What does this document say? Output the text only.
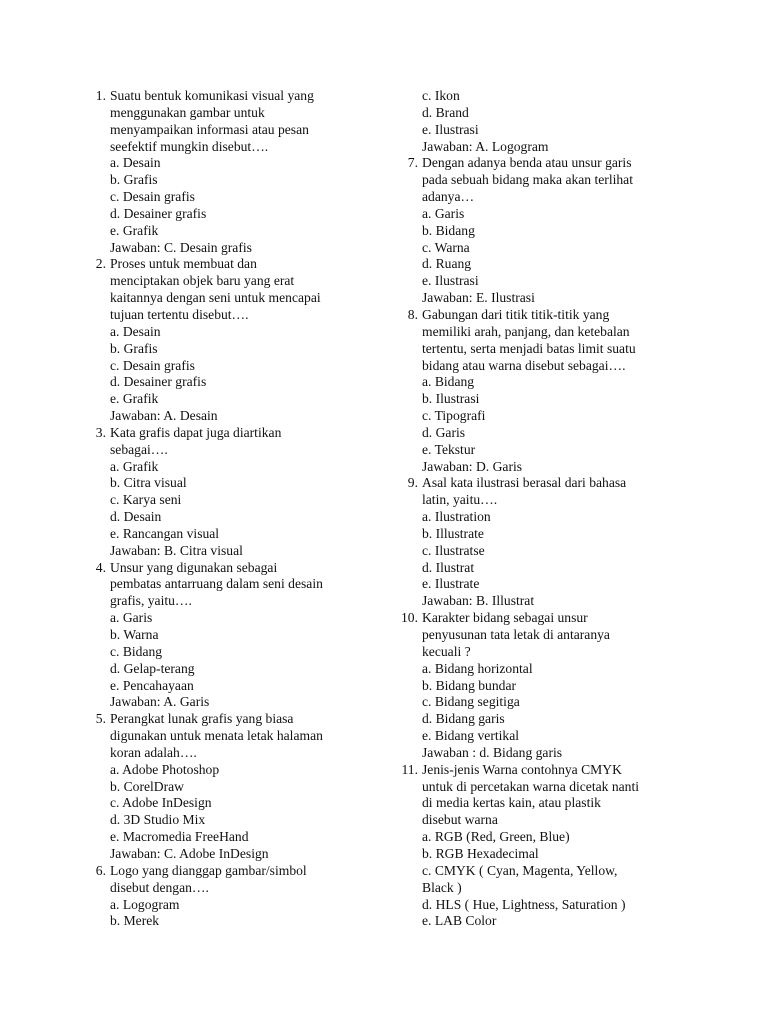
1. Suatu bentuk komunikasi visual yang
menggunakan gambar untuk
menyampaikan informasi atau pesan
seefektif mungkin disebut….
a. Desain
b. Grafis
c. Desain grafis
d. Desainer grafis
e. Grafik
Jawaban: C. Desain grafis
2. Proses untuk membuat dan
menciptakan objek baru yang erat
kaitannya dengan seni untuk mencapai
tujuan tertentu disebut….
a. Desain
b. Grafis
c. Desain grafis
d. Desainer grafis
e. Grafik
Jawaban: A. Desain
3. Kata grafis dapat juga diartikan
sebagai….
a. Grafik
b. Citra visual
c. Karya seni
d. Desain
e. Rancangan visual
Jawaban: B. Citra visual
4. Unsur yang digunakan sebagai
pembatas antarruang dalam seni desain
grafis, yaitu….
a. Garis
b. Warna
c. Bidang
d. Gelap-terang
e. Pencahayaan
Jawaban: A. Garis
5. Perangkat lunak grafis yang biasa
digunakan untuk menata letak halaman
koran adalah….
a. Adobe Photoshop
b. CorelDraw
c. Adobe InDesign
d. 3D Studio Mix
e. Macromedia FreeHand
Jawaban: C. Adobe InDesign
6. Logo yang dianggap gambar/simbol
disebut dengan….
a. Logogram
b. Merek
c. Ikon
d. Brand
e. Ilustrasi
Jawaban: A. Logogram
7. Dengan adanya benda atau unsur garis
pada sebuah bidang maka akan terlihat
adanya…
a. Garis
b. Bidang
c. Warna
d. Ruang
e. Ilustrasi
Jawaban: E. Ilustrasi
8. Gabungan dari titik titik-titik yang
memiliki arah, panjang, dan ketebalan
tertentu, serta menjadi batas limit suatu
bidang atau warna disebut sebagai….
a. Bidang
b. Ilustrasi
c. Tipografi
d. Garis
e. Tekstur
Jawaban: D. Garis
9. Asal kata ilustrasi berasal dari bahasa
latin, yaitu….
a. Ilustration
b. Illustrate
c. Ilustratse
d. Ilustrat
e. Ilustrate
Jawaban: B. Illustrat
10. Karakter bidang sebagai unsur
penyusunan tata letak di antaranya
kecuali ?
a. Bidang horizontal
b. Bidang bundar
c. Bidang segitiga
d. Bidang garis
e. Bidang vertikal
Jawaban : d. Bidang garis
11. Jenis-jenis Warna contohnya CMYK
untuk di percetakan warna dicetak nanti
di media kertas kain, atau plastik
disebut warna
a. RGB (Red, Green, Blue)
b. RGB Hexadecimal
c. CMYK ( Cyan, Magenta, Yellow,
Black )
d. HLS ( Hue, Lightness, Saturation )
e. LAB Color
